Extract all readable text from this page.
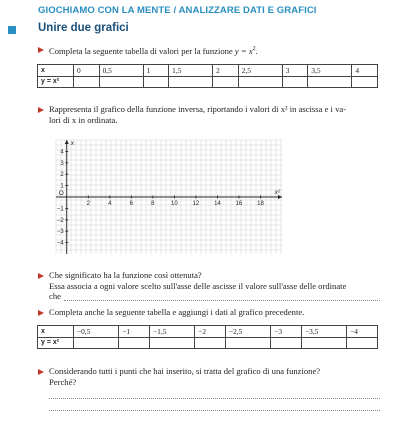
GIOCHIAMO CON LA MENTE / ANALIZZARE DATI E GRAFICI
Unire due grafici
Completa la seguente tabella di valori per la funzione $y = x^2$.
x	0	0,5	1	1,5	2	2,5	3	3,5	4
y = x²									
Rappresenta il grafico della funzione inversa, riportando i valori di x² in ascissa e i va-
lori di x in ordinata.
2	4	6	8	10 12 14 16 18
4
3
2
1
−1
−2
−3
−4
O	x²
x
Che significato ha la funzione così ottenuta?
Essa associa a ogni valore scelto sull'asse delle ascisse il valore sull'asse delle ordinate
che
Completa anche la seguente tabella e aggiungi i dati al grafico precedente.
x	−0,5	−1	−1,5	−2	−2,5	−3	−3,5	−4
y = x²								
Considerando tutti i punti che hai inserito, si tratta del grafico di una funzione?
Perché?
